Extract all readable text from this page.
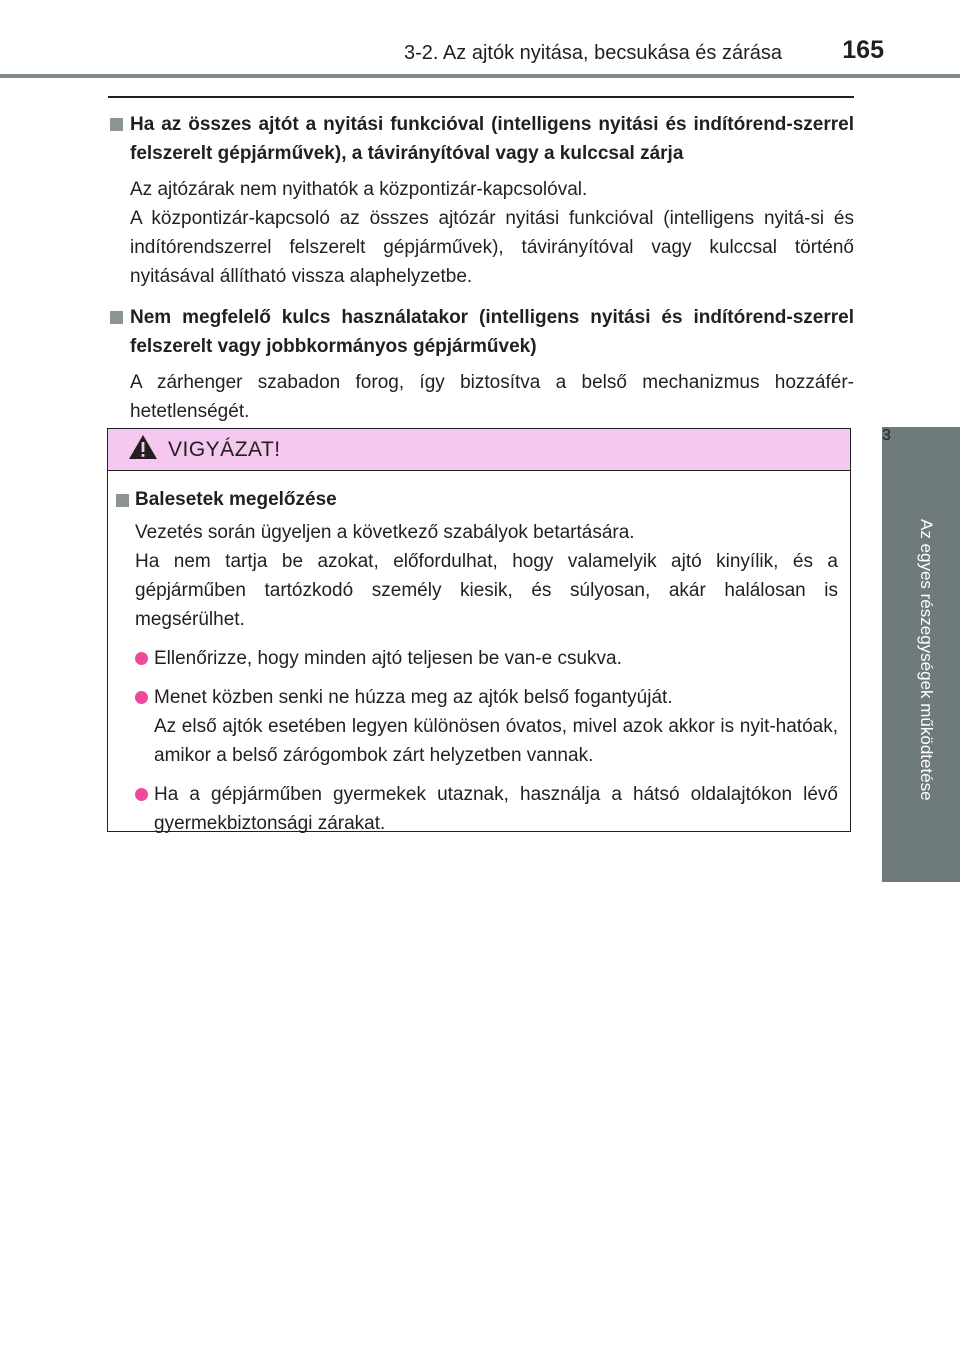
3-2. Az ajtók nyitása, becsukása és zárása 165
3
Az egyes részegységek működtetése
Ha az összes ajtót a nyitási funkcióval (intelligens nyitási és indítórend-szerrel felszerelt gépjárművek), a távirányítóval vagy a kulccsal zárja

Az ajtózárak nem nyithatók a központizár-kapcsolóval.

A központizár-kapcsoló az összes ajtózár nyitási funkcióval (intelligens nyitá-si és indítórendszerrel felszerelt gépjárművek), távirányítóval vagy kulccsal történő nyitásával állítható vissza alaphelyzetbe.

Nem megfelelő kulcs használatakor (intelligens nyitási és indítórend-szerrel felszerelt vagy jobbkormányos gépjárművek)

A zárhenger szabadon forog, így biztosítva a belső mechanizmus hozzáfér-hetetlenségét.

VIGYÁZAT!
Balesetek megelőzése

Vezetés során ügyeljen a következő szabályok betartására.

Ha nem tartja be azokat, előfordulhat, hogy valamelyik ajtó kinyílik, és a gépjárműben tartózkodó személy kiesik, és súlyosan, akár halálosan is megsérülhet.

Ellenőrizze, hogy minden ajtó teljesen be van-e csukva.

Menet közben senki ne húzza meg az ajtók belső fogantyúját.

Az első ajtók esetében legyen különösen óvatos, mivel azok akkor is nyit-hatóak, amikor a belső zárógombok zárt helyzetben vannak.

Ha a gépjárműben gyermekek utaznak, használja a hátsó oldalajtókon lévő gyermekbiztonsági zárakat.
